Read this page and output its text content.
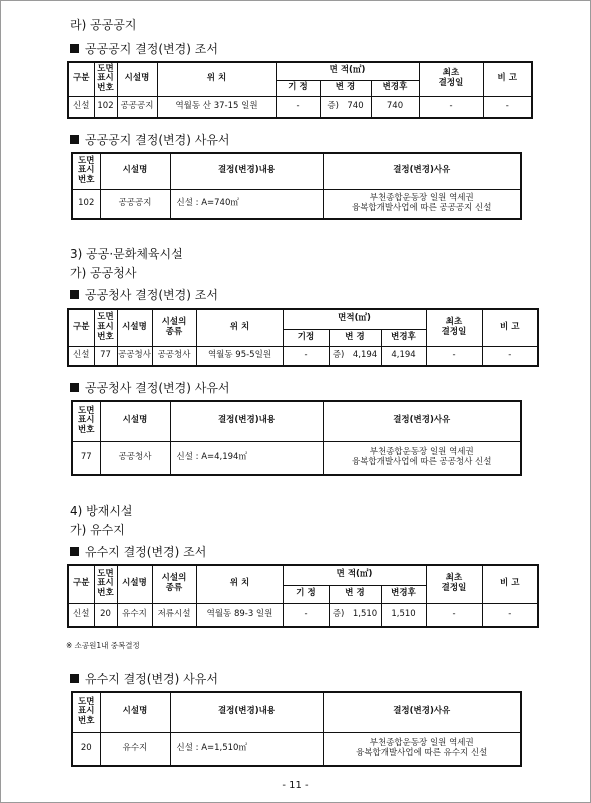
라) 공공공지
공공공지 결정(변경) 조서
구분	도면
표시
번호	시설명	위 치	면 적(㎡)			최초
결정일	비 고
				기 정	변 경	변경후		
신설	102	공공공지	역월동 산 37-15 일원	-	증)　740	740	-	-
공공공지 결정(변경) 사유서
도면
표시
번호	시설명	결정(변경)내용	결정(변경)사유
102	공공공지	신설 : A=740㎡	부천종합운동장 일원 역세권
융복합개발사업에 따른 공공공지 신설
3) 공공·문화체육시설
가) 공공청사
공공청사 결정(변경) 조서
구분	도면
표시
번호	시설명	시설의
종류	위 치	면적(㎡)			최초
결정일	비 고
					기정	변 경	변경후		
신설	77	공공청사	공공청사	역월동 95-5일원	-	증)　4,194	4,194	-	-
공공청사 결정(변경) 사유서
도면
표시
번호	시설명	결정(변경)내용	결정(변경)사유
77	공공청사	신설 : A=4,194㎡	부천종합운동장 일원 역세권
융복합개발사업에 따른 공공청사 신설
4) 방재시설
가) 유수지
유수지 결정(변경) 조서
구분	도면
표시
번호	시설명	시설의
종류	위 치	면 적(㎡)			최초
결정일	비 고
					기 정	변 경	변경후		
신설	20	유수지	저류시설	역월동 89-3 일원	-	증)　1,510	1,510	-	-
※ 소공원1내 중복결정
유수지 결정(변경) 사유서
도면
표시
번호	시설명	결정(변경)내용	결정(변경)사유
20	유수지	신설 : A=1,510㎡	부천종합운동장 일원 역세권
융복합개발사업에 따른 유수지 신설
- 11 -
